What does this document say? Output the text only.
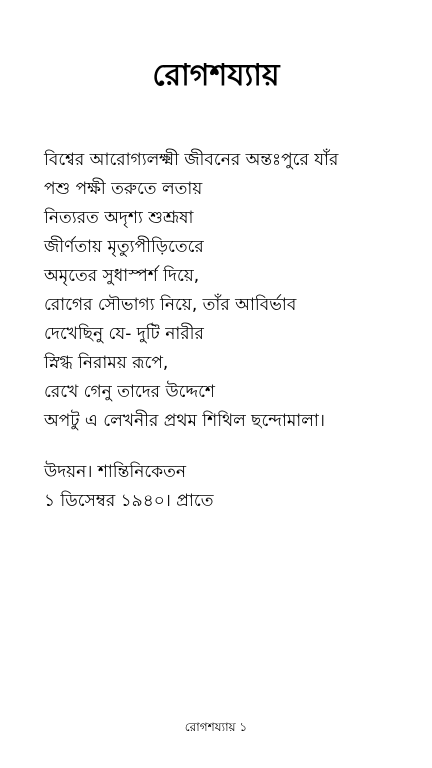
রোগশয্যায়
বিশ্বের আরোগ্যলক্ষ্মী জীবনের অন্তঃপুরে যাঁর
পশু পক্ষী তরুতে লতায়
নিত্যরত অদৃশ্য শুশ্রূষা
জীর্ণতায় মৃত্যুপীড়িতেরে
অমৃতের সুধাস্পর্শ দিয়ে,
রোগের সৌভাগ্য নিয়ে, তাঁর আবির্ভাব
দেখেছিনু যে- দুটি নারীর
স্নিগ্ধ নিরাময় রূপে,
রেখে গেনু তাদের উদ্দেশে
অপটু এ লেখনীর প্রথম শিথিল ছন্দোমালা।
উদয়ন। শান্তিনিকেতন
১ ডিসেম্বর ১৯৪০। প্রাতে
রোগশয্যায় ১
